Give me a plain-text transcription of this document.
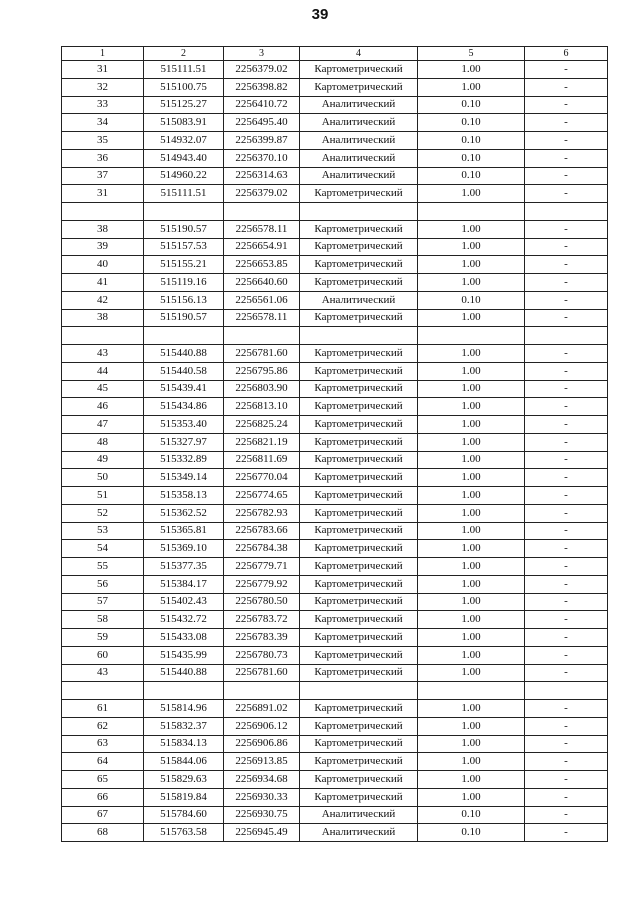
39
1	2	3	4	5	6
31	515111.51	2256379.02	Картометрический	1.00	-
32	515100.75	2256398.82	Картометрический	1.00	-
33	515125.27	2256410.72	Аналитический	0.10	-
34	515083.91	2256495.40	Аналитический	0.10	-
35	514932.07	2256399.87	Аналитический	0.10	-
36	514943.40	2256370.10	Аналитический	0.10	-
37	514960.22	2256314.63	Аналитический	0.10	-
31	515111.51	2256379.02	Картометрический	1.00	-

38	515190.57	2256578.11	Картометрический	1.00	-
39	515157.53	2256654.91	Картометрический	1.00	-
40	515155.21	2256653.85	Картометрический	1.00	-
41	515119.16	2256640.60	Картометрический	1.00	-
42	515156.13	2256561.06	Аналитический	0.10	-
38	515190.57	2256578.11	Картометрический	1.00	-

43	515440.88	2256781.60	Картометрический	1.00	-
44	515440.58	2256795.86	Картометрический	1.00	-
45	515439.41	2256803.90	Картометрический	1.00	-
46	515434.86	2256813.10	Картометрический	1.00	-
47	515353.40	2256825.24	Картометрический	1.00	-
48	515327.97	2256821.19	Картометрический	1.00	-
49	515332.89	2256811.69	Картометрический	1.00	-
50	515349.14	2256770.04	Картометрический	1.00	-
51	515358.13	2256774.65	Картометрический	1.00	-
52	515362.52	2256782.93	Картометрический	1.00	-
53	515365.81	2256783.66	Картометрический	1.00	-
54	515369.10	2256784.38	Картометрический	1.00	-
55	515377.35	2256779.71	Картометрический	1.00	-
56	515384.17	2256779.92	Картометрический	1.00	-
57	515402.43	2256780.50	Картометрический	1.00	-
58	515432.72	2256783.72	Картометрический	1.00	-
59	515433.08	2256783.39	Картометрический	1.00	-
60	515435.99	2256780.73	Картометрический	1.00	-
43	515440.88	2256781.60	Картометрический	1.00	-

61	515814.96	2256891.02	Картометрический	1.00	-
62	515832.37	2256906.12	Картометрический	1.00	-
63	515834.13	2256906.86	Картометрический	1.00	-
64	515844.06	2256913.85	Картометрический	1.00	-
65	515829.63	2256934.68	Картометрический	1.00	-
66	515819.84	2256930.33	Картометрический	1.00	-
67	515784.60	2256930.75	Аналитический	0.10	-
68	515763.58	2256945.49	Аналитический	0.10	-
